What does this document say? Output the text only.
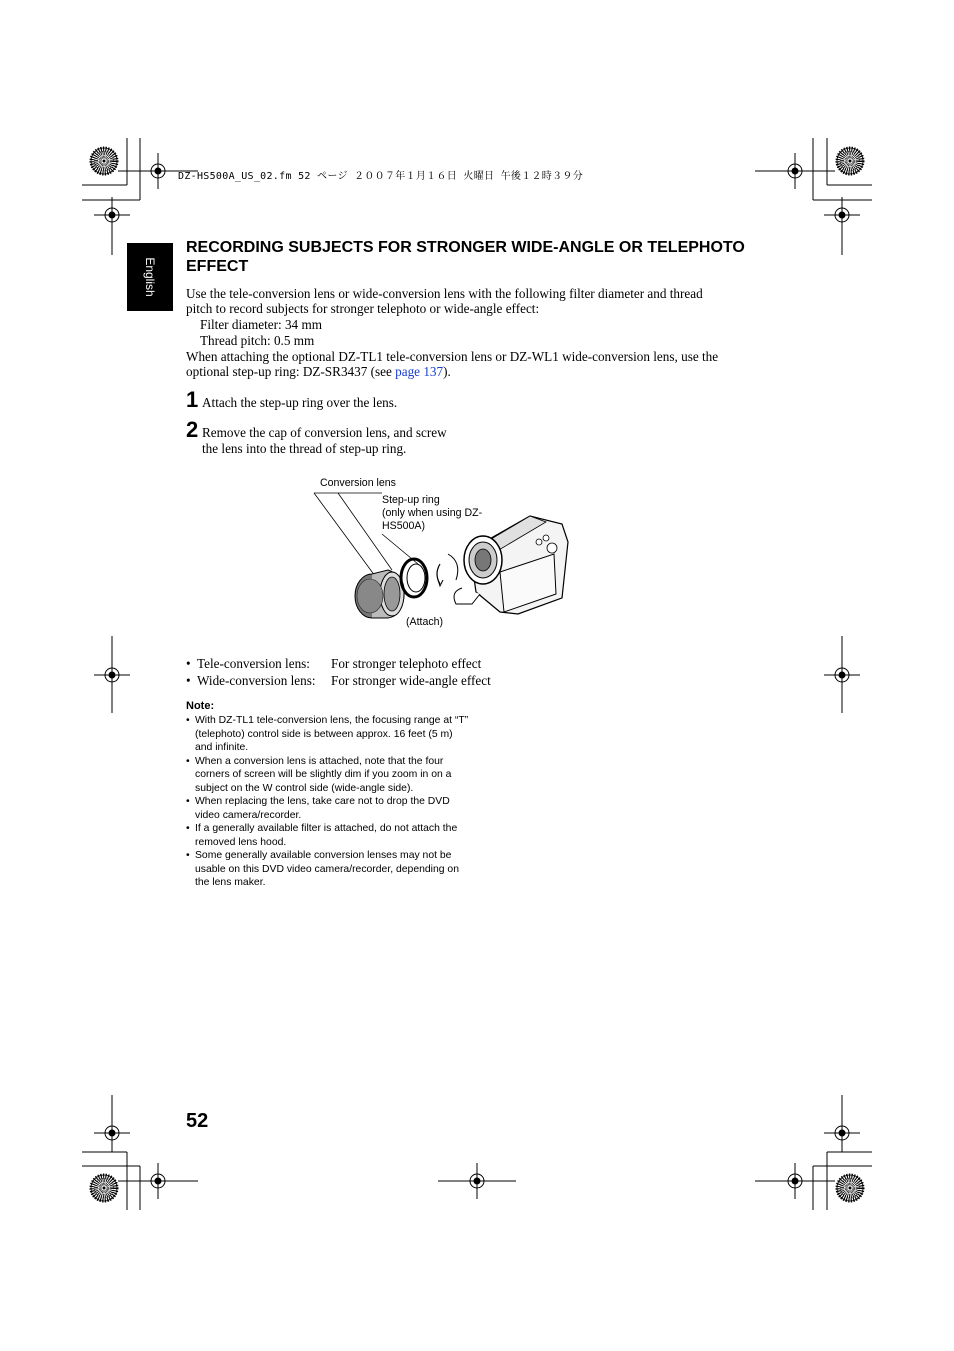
DZ-HS500A_US_02.fm 52 ページ ２００７年１月１６日 火曜日 午後１２時３９分
English
RECORDING SUBJECTS FOR STRONGER WIDE-ANGLE OR TELEPHOTO EFFECT
Use the tele-conversion lens or wide-conversion lens with the following filter diameter and thread
pitch to record subjects for stronger telephoto or wide-angle effect:
Filter diameter: 34 mm
Thread pitch: 0.5 mm
When attaching the optional DZ-TL1 tele-conversion lens or DZ-WL1 wide-conversion lens, use the
optional step-up ring: DZ-SR3437 (see page 137).
1 Attach the step-up ring over the lens.
2 Remove the cap of conversion lens, and screw
the lens into the thread of step-up ring.
Conversion lens
Step-up ring
(only when using DZ-
HS500A)
(Attach)
• Tele-conversion lens: For stronger telephoto effect
• Wide-conversion lens: For stronger wide-angle effect
Note:
• With DZ-TL1 tele-conversion lens, the focusing range at “T” (telephoto) control side is between approx. 16 feet (5 m) and infinite.
• When a conversion lens is attached, note that the four corners of screen will be slightly dim if you zoom in on a subject on the W control side (wide-angle side).
• When replacing the lens, take care not to drop the DVD video camera/recorder.
• If a generally available filter is attached, do not attach the removed lens hood.
• Some generally available conversion lenses may not be usable on this DVD video camera/recorder, depending on the lens maker.
52
